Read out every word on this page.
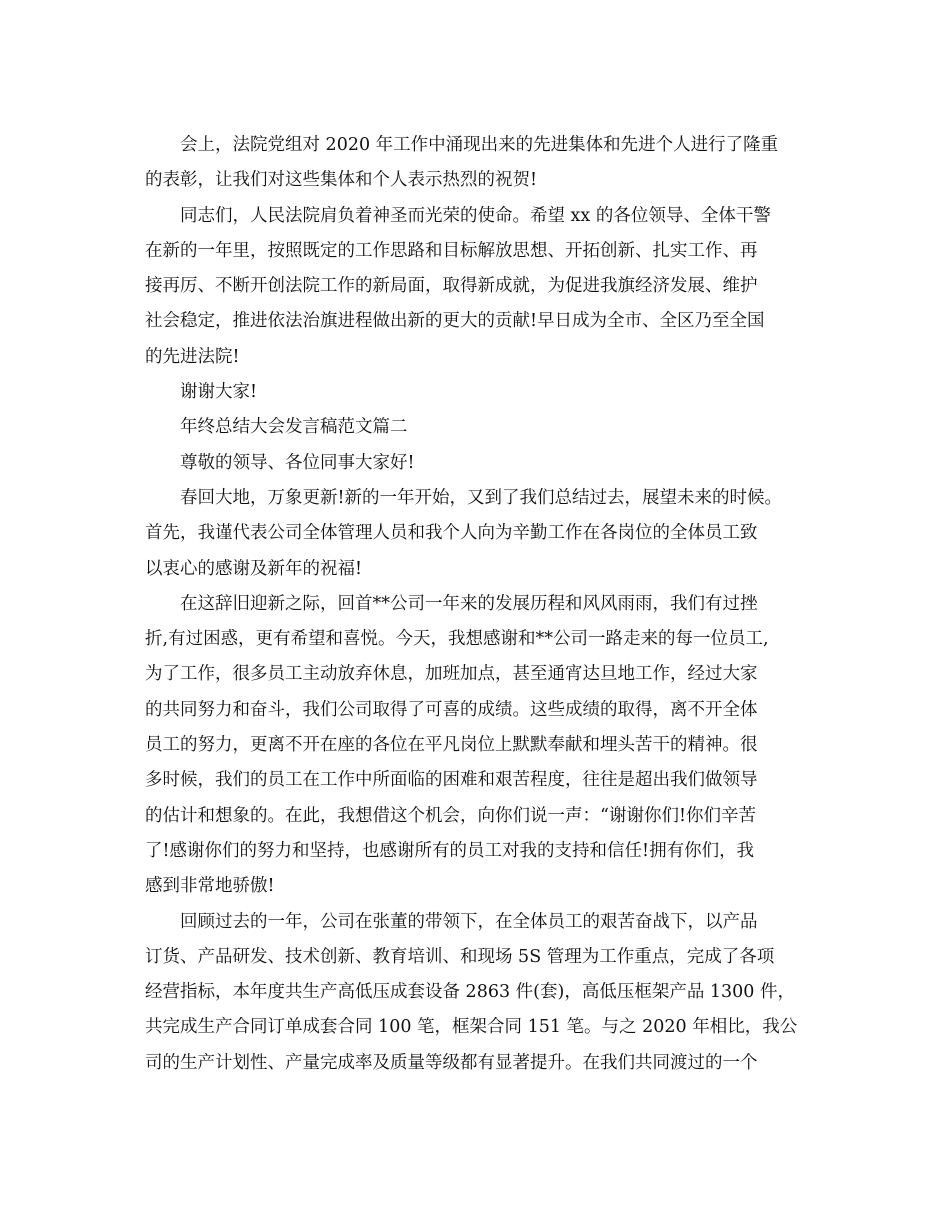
会上，法院党组对 2020 年工作中涌现出来的先进集体和先进个人进行了隆重
的表彰，让我们对这些集体和个人表示热烈的祝贺!
同志们，人民法院肩负着神圣而光荣的使命。希望 xx 的各位领导、全体干警
在新的一年里，按照既定的工作思路和目标解放思想、开拓创新、扎实工作、再
接再厉、不断开创法院工作的新局面，取得新成就，为促进我旗经济发展、维护
社会稳定，推进依法治旗进程做出新的更大的贡献!早日成为全市、全区乃至全国
的先进法院!
谢谢大家!
年终总结大会发言稿范文篇二
尊敬的领导、各位同事大家好!
春回大地，万象更新!新的一年开始，又到了我们总结过去，展望未来的时候。
首先，我谨代表公司全体管理人员和我个人向为辛勤工作在各岗位的全体员工致
以衷心的感谢及新年的祝福!
在这辞旧迎新之际，回首**公司一年来的发展历程和风风雨雨，我们有过挫
折,有过困惑，更有希望和喜悦。今天，我想感谢和**公司一路走来的每一位员工,
为了工作，很多员工主动放弃休息，加班加点，甚至通宵达旦地工作，经过大家
的共同努力和奋斗，我们公司取得了可喜的成绩。这些成绩的取得，离不开全体
员工的努力，更离不开在座的各位在平凡岗位上默默奉献和埋头苦干的精神。很
多时候，我们的员工在工作中所面临的困难和艰苦程度，往往是超出我们做领导
的估计和想象的。在此，我想借这个机会，向你们说一声：“谢谢你们!你们辛苦
了!感谢你们的努力和坚持，也感谢所有的员工对我的支持和信任!拥有你们，我
感到非常地骄傲!
回顾过去的一年，公司在张董的带领下，在全体员工的艰苦奋战下，以产品
订货、产品研发、技术创新、教育培训、和现场 5S 管理为工作重点，完成了各项
经营指标，本年度共生产高低压成套设备 2863 件(套)，高低压框架产品 1300 件，
共完成生产合同订单成套合同 100 笔，框架合同 151 笔。与之 2020 年相比，我公
司的生产计划性、产量完成率及质量等级都有显著提升。在我们共同渡过的一个
